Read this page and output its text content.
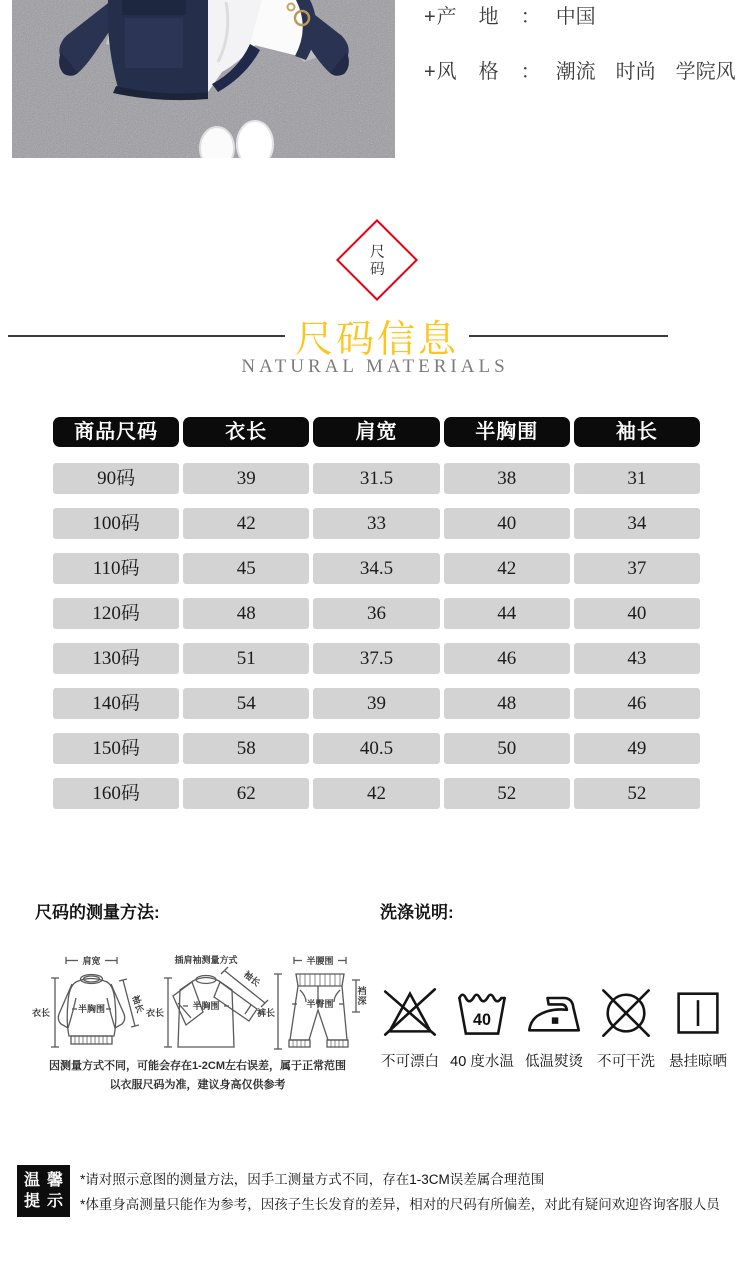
+产　地　： 中国
+风　格　： 潮流　时尚　学院风
尺码
尺码信息
NATURAL MATERIALS
商品尺码	衣长	肩宽	半胸围	袖长
90码	39	31.5	38	31
100码	42	33	40	34
110码	45	34.5	42	37
120码	48	36	44	40
130码	51	37.5	46	43
140码	54	39	48	46
150码	58	40.5	50	49
160码	62	42	52	52
尺码的测量方法:
肩宽
衣长	半胸围	袖长
插肩袖测量方式
衣长
半胸围
袖长
半腰围
裤长
半臀围
裆
深
因测量方式不同，可能会存在1-2CM左右误差，属于正常范围
以衣服尺码为准，建议身高仅供参考
洗涤说明:
不可漂白
40
40 度水温 低温熨烫 不可干洗 悬挂晾晒
温馨
提示
*请对照示意图的测量方法，因手工测量方式不同，存在1-3CM误差属合理范围
*体重身高测量只能作为参考，因孩子生长发育的差异，相对的尺码有所偏差，对此有疑问欢迎咨询客服人员
